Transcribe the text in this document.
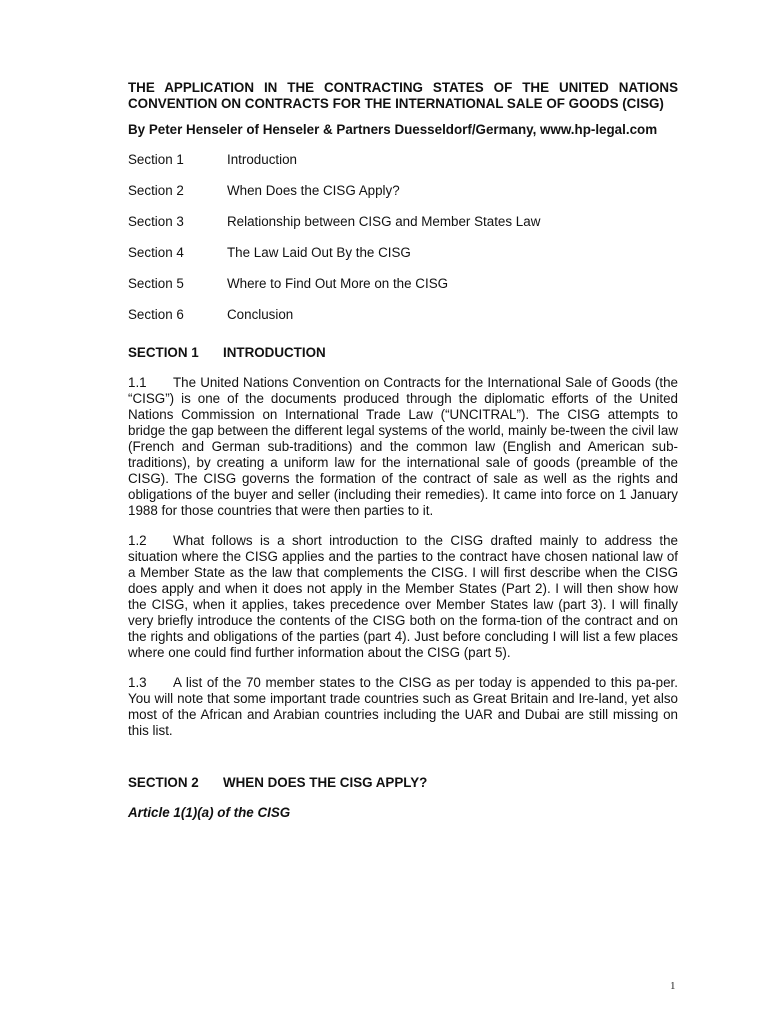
THE APPLICATION IN THE CONTRACTING STATES OF THE UNITED NATIONS CONVENTION ON CONTRACTS FOR THE INTERNATIONAL SALE OF GOODS (CISG)
By Peter Henseler of Henseler & Partners Duesseldorf/Germany, www.hp-legal.com
Section 1	Introduction
Section 2	When Does the CISG Apply?
Section 3	Relationship between CISG and Member States Law
Section 4	The Law Laid Out By the CISG
Section 5	Where to Find Out More on the CISG
Section 6	Conclusion
SECTION 1	INTRODUCTION

1.1 The United Nations Convention on Contracts for the International Sale of Goods (the “CISG”) is one of the documents produced through the diplomatic efforts of the United Nations Commission on International Trade Law (“UNCITRAL”). The CISG attempts to bridge the gap between the different legal systems of the world, mainly be-tween the civil law (French and German sub-traditions) and the common law (English and American sub-traditions), by creating a uniform law for the international sale of goods (preamble of the CISG). The CISG governs the formation of the contract of sale as well as the rights and obligations of the buyer and seller (including their remedies). It came into force on 1 January 1988 for those countries that were then parties to it.

1.2 What follows is a short introduction to the CISG drafted mainly to address the situation where the CISG applies and the parties to the contract have chosen national law of a Member State as the law that complements the CISG. I will first describe when the CISG does apply and when it does not apply in the Member States (Part 2). I will then show how the CISG, when it applies, takes precedence over Member States law (part 3). I will finally very briefly introduce the contents of the CISG both on the forma-tion of the contract and on the rights and obligations of the parties (part 4). Just before concluding I will list a few places where one could find further information about the CISG (part 5).

1.3 A list of the 70 member states to the CISG as per today is appended to this pa-per. You will note that some important trade countries such as Great Britain and Ire-land, yet also most of the African and Arabian countries including the UAR and Dubai are still missing on this list.

SECTION 2	WHEN DOES THE CISG APPLY?
Article 1(1)(a) of the CISG
1
